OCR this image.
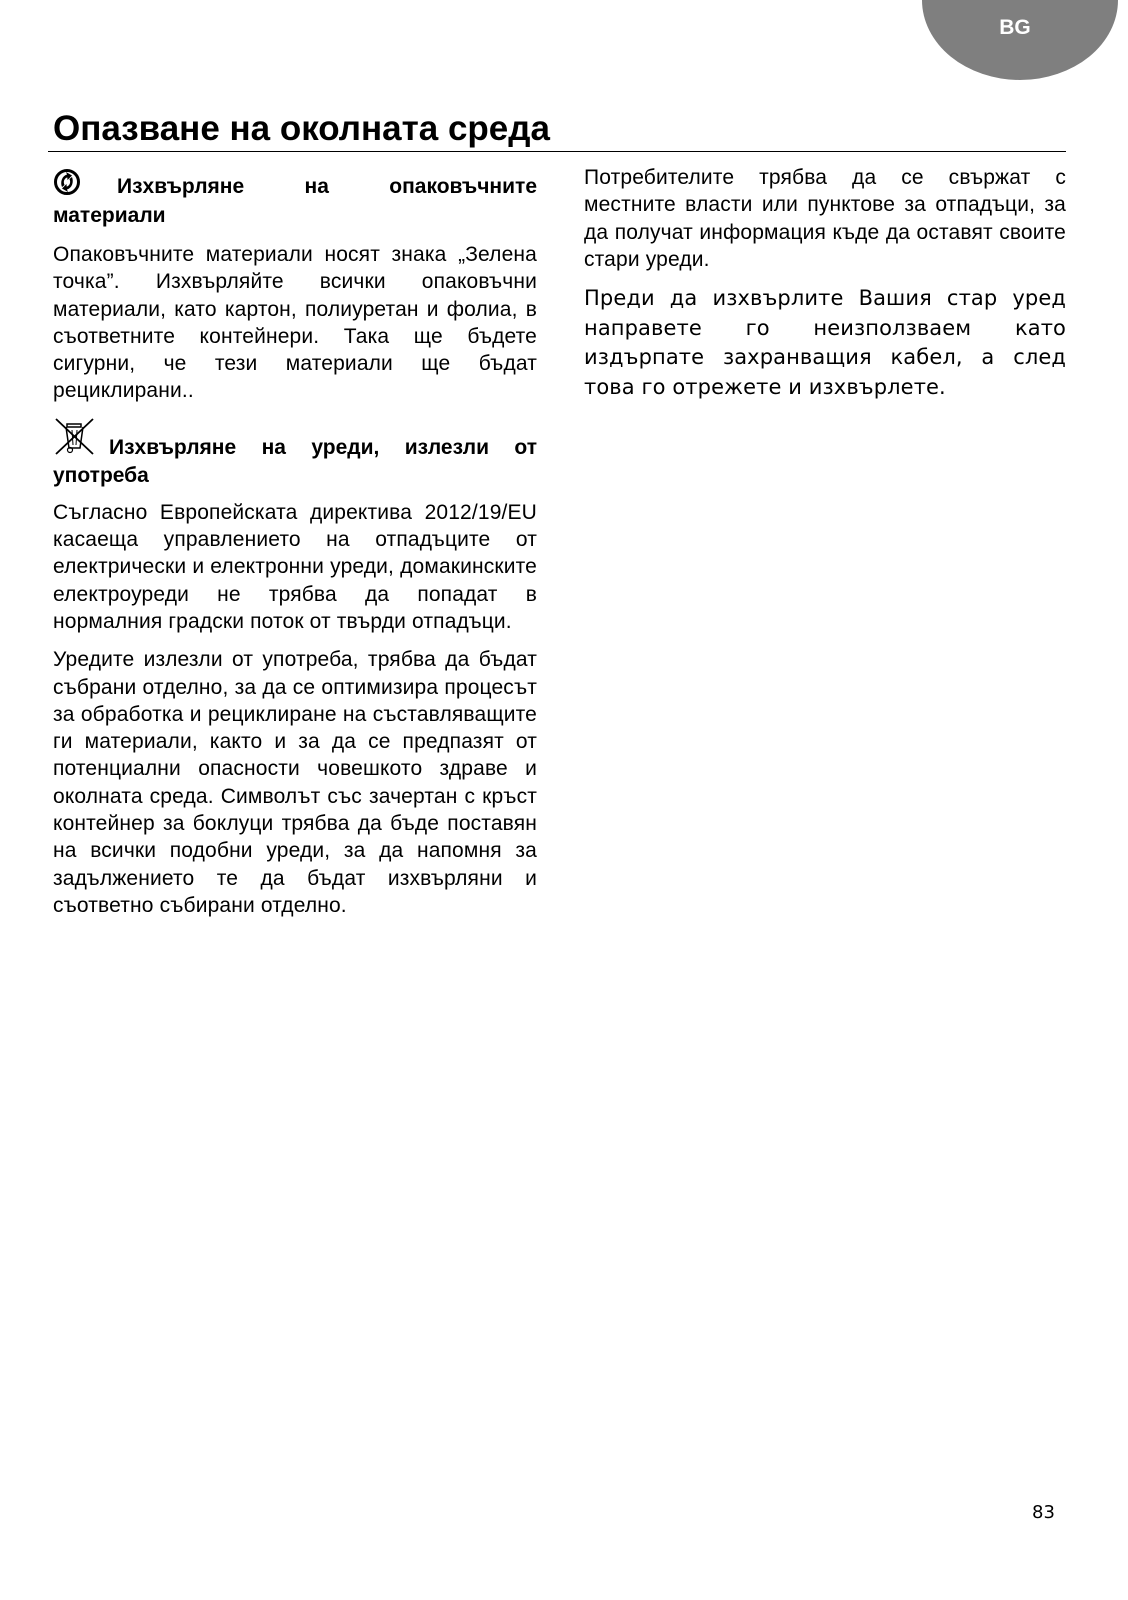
BG
Опазване на околната среда

Изхвърляне на опаковъчните материали

Опаковъчните материали носят знака „Зелена точка”. Изхвърляйте всички опаковъчни материали, като картон, полиуретан и фолиа, в съответните контейнери. Така ще бъдете сигурни, че тези материали ще бъдат рециклирани..

Изхвърляне на уреди, излезли от употреба

Съгласно Европейската директива 2012/19/EU касаеща управлението на отпадъците от електрически и електронни уреди, домакинските електроуреди не трябва да попадат в нормалния градски поток от твърди отпадъци.

Уредите излезли от употреба, трябва да бъдат събрани отделно, за да се оптимизира процесът за обработка и рециклиране на съставляващите ги материали, както и за да се предпазят от потенциални опасности човешкото здраве и околната среда. Символът със зачертан с кръст контейнер за боклуци трябва да бъде поставян на всички подобни уреди, за да напомня за задължението те да бъдат изхвърляни и съответно събирани отделно.

Потребителите трябва да се свържат с местните власти или пунктове за отпадъци, за да получат информация къде да оставят своите стари уреди.

Преди да изхвърлите Вашия стар уред направете го неизползваем като издърпате захранващия кабел, а след това го отрежете и изхвърлете.

83
